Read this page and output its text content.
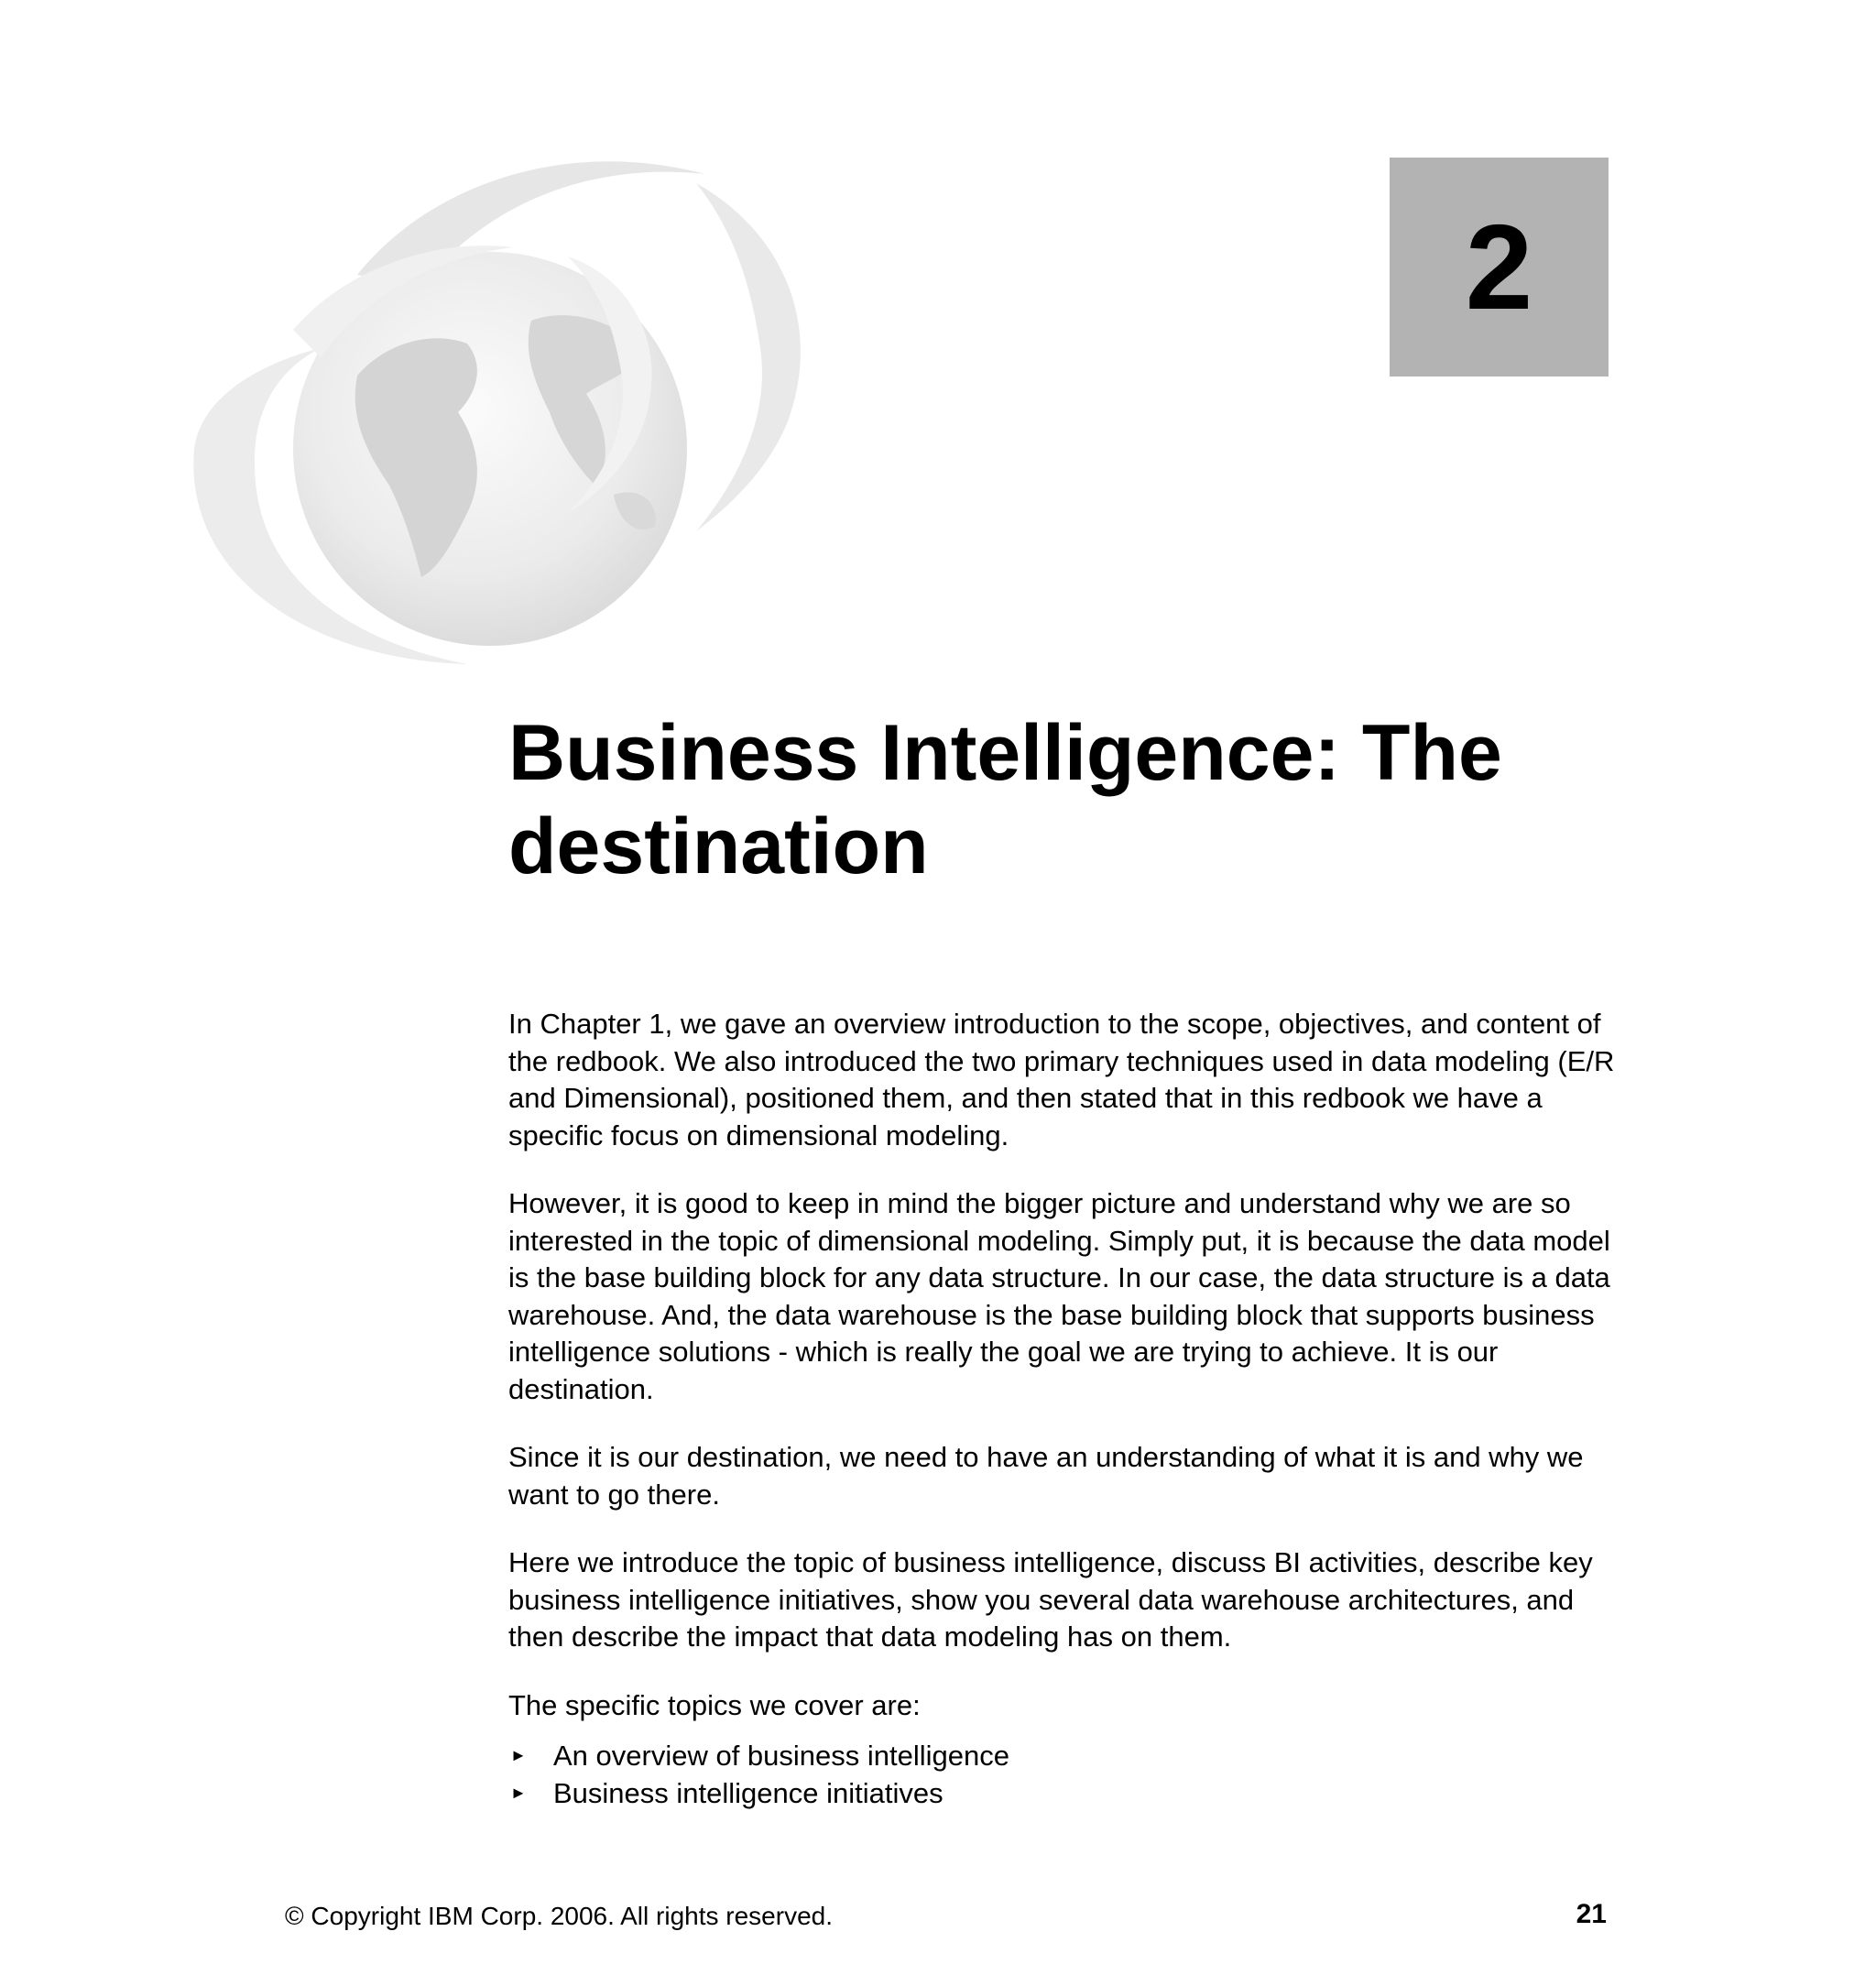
2
Business Intelligence: The destination

In Chapter 1, we gave an overview introduction to the scope, objectives, and content of the redbook. We also introduced the two primary techniques used in data modeling (E/R and Dimensional), positioned them, and then stated that in this redbook we have a specific focus on dimensional modeling.

However, it is good to keep in mind the bigger picture and understand why we are so interested in the topic of dimensional modeling. Simply put, it is because the data model is the base building block for any data structure. In our case, the data structure is a data warehouse. And, the data warehouse is the base building block that supports business intelligence solutions - which is really the goal we are trying to achieve. It is our destination.

Since it is our destination, we need to have an understanding of what it is and why we want to go there.

Here we introduce the topic of business intelligence, discuss BI activities, describe key business intelligence initiatives, show you several data warehouse architectures, and then describe the impact that data modeling has on them.

The specific topics we cover are:

► An overview of business intelligence
► Business intelligence initiatives
© Copyright IBM Corp. 2006. All rights reserved.	21
